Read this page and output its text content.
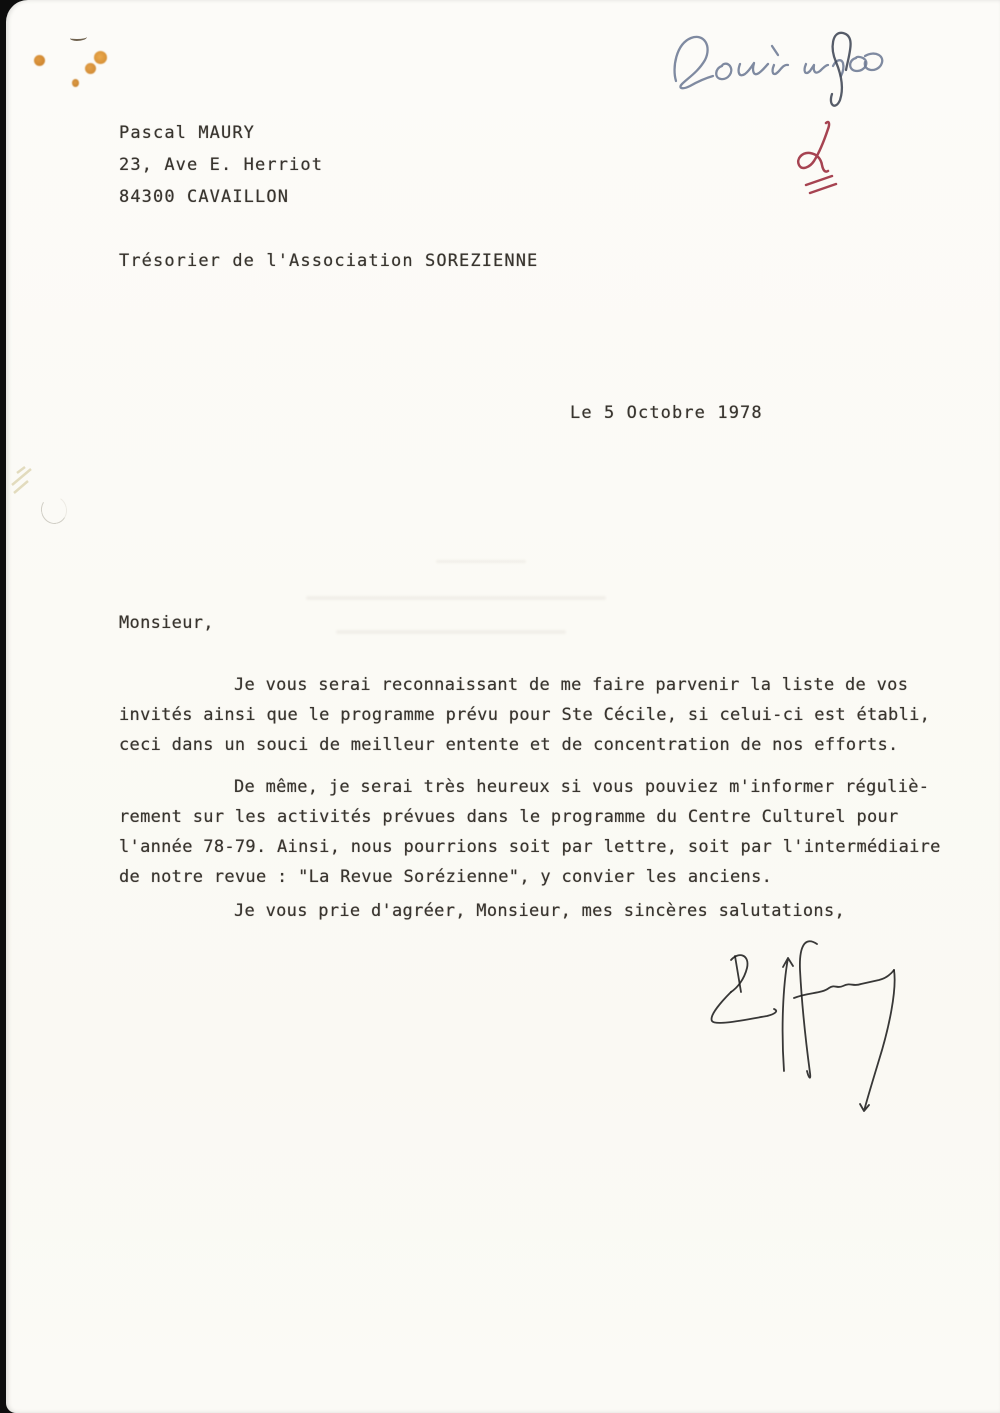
Pascal MAURY
23, Ave E. Herriot
84300 CAVAILLON
Trésorier de l'Association SOREZIENNE
Le 5 Octobre 1978
Monsieur,
Je vous serai reconnaissant de me faire parvenir la liste de vos
invités ainsi que le programme prévu pour Ste Cécile, si celui-ci est établi,
ceci dans un souci de meilleur entente et de concentration de nos efforts.
De même, je serai très heureux si vous pouviez m'informer réguliè-
rement sur les activités prévues dans le programme du Centre Culturel pour
l'année 78-79. Ainsi, nous pourrions soit par lettre, soit par l'intermédiaire
de notre revue : "La Revue Sorézienne", y convier les anciens.
Je vous prie d'agréer, Monsieur, mes sincères salutations,
